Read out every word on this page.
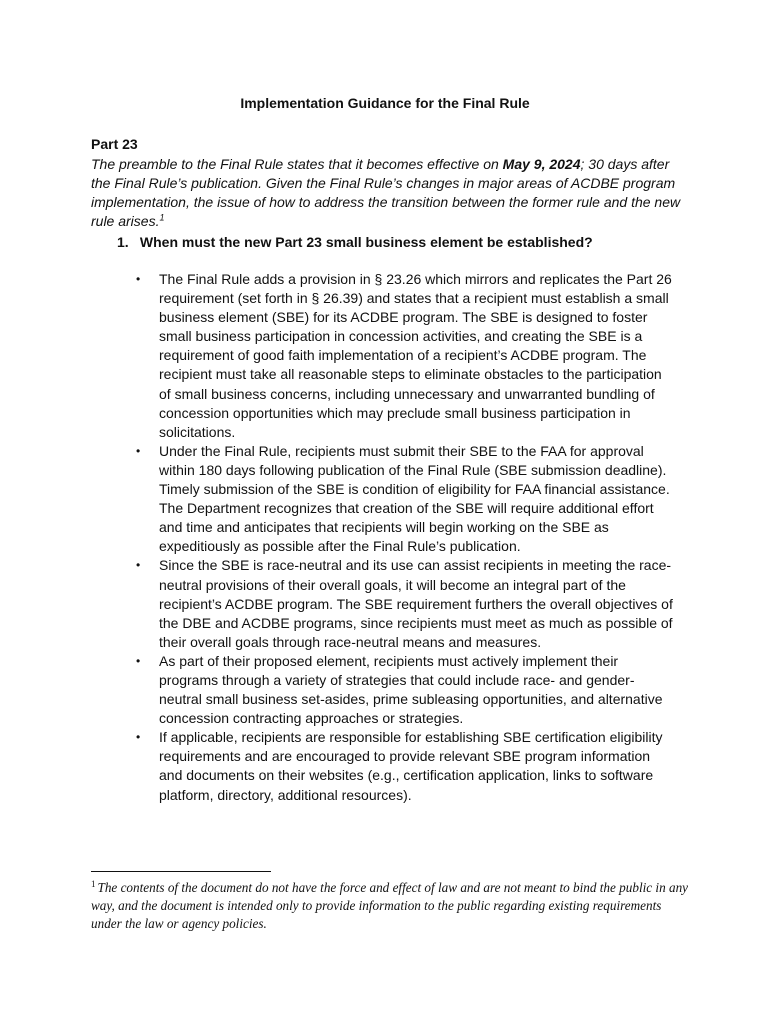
Implementation Guidance for the Final Rule
Part 23
The preamble to the Final Rule states that it becomes effective on May 9, 2024; 30 days after the Final Rule’s publication. Given the Final Rule’s changes in major areas of ACDBE program implementation, the issue of how to address the transition between the former rule and the new rule arises.$^1$
1. When must the new Part 23 small business element be established?
• The Final Rule adds a provision in § 23.26 which mirrors and replicates the Part 26 requirement (set forth in § 26.39) and states that a recipient must establish a small business element (SBE) for its ACDBE program. The SBE is designed to foster small business participation in concession activities, and creating the SBE is a requirement of good faith implementation of a recipient’s ACDBE program. The recipient must take all reasonable steps to eliminate obstacles to the participation of small business concerns, including unnecessary and unwarranted bundling of concession opportunities which may preclude small business participation in solicitations.
• Under the Final Rule, recipients must submit their SBE to the FAA for approval within 180 days following publication of the Final Rule (SBE submission deadline). Timely submission of the SBE is condition of eligibility for FAA financial assistance. The Department recognizes that creation of the SBE will require additional effort and time and anticipates that recipients will begin working on the SBE as expeditiously as possible after the Final Rule’s publication.
• Since the SBE is race-neutral and its use can assist recipients in meeting the race-neutral provisions of their overall goals, it will become an integral part of the recipient’s ACDBE program. The SBE requirement furthers the overall objectives of the DBE and ACDBE programs, since recipients must meet as much as possible of their overall goals through race-neutral means and measures.
• As part of their proposed element, recipients must actively implement their programs through a variety of strategies that could include race- and gender-neutral small business set-asides, prime subleasing opportunities, and alternative concession contracting approaches or strategies.
• If applicable, recipients are responsible for establishing SBE certification eligibility requirements and are encouraged to provide relevant SBE program information and documents on their websites (e.g., certification application, links to software platform, directory, additional resources).
$^1$ The contents of the document do not have the force and effect of law and are not meant to bind the public in any way, and the document is intended only to provide information to the public regarding existing requirements under the law or agency policies.
